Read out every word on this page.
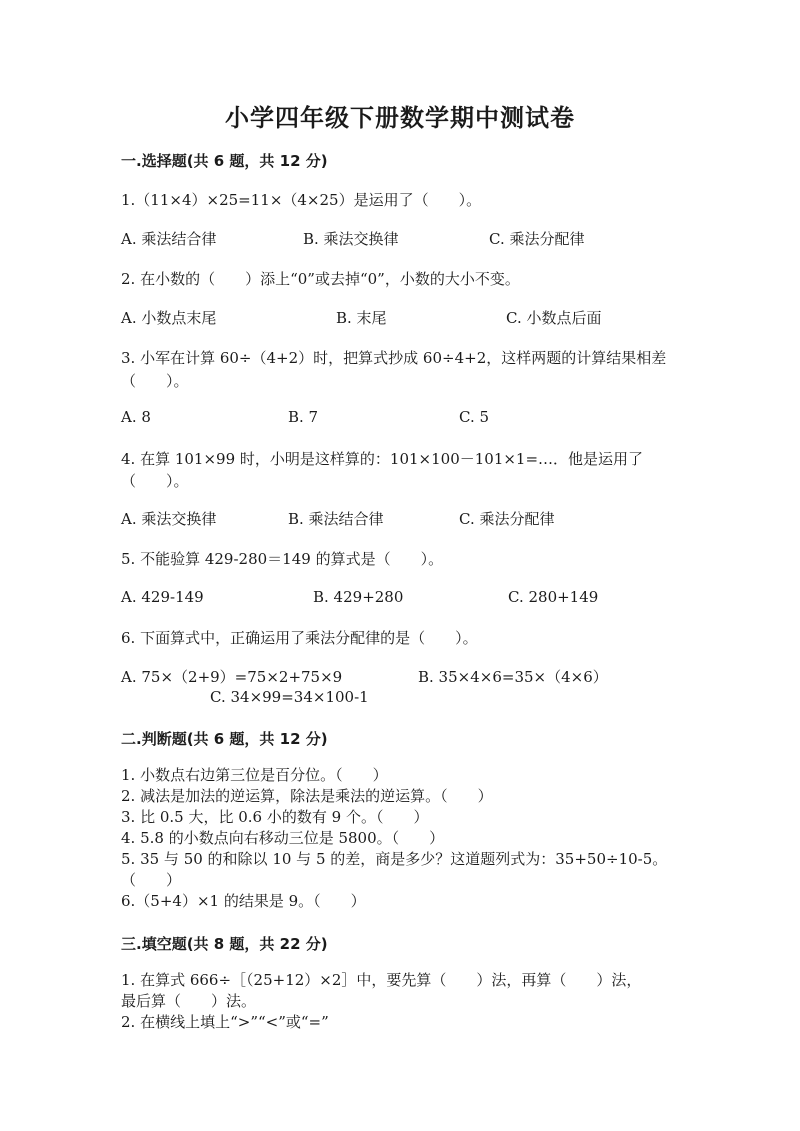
小学四年级下册数学期中测试卷
一.选择题(共 6 题，共 12 分)
1.（11×4）×25=11×（4×25）是运用了（　　）。
A. 乘法结合律	B. 乘法交换律	C. 乘法分配律
2. 在小数的（　　）添上“0”或去掉“0”，小数的大小不变。
A. 小数点末尾	B. 末尾	C. 小数点后面
3. 小军在计算 60÷（4+2）时，把算式抄成 60÷4+2，这样两题的计算结果相差
（　　）。
A. 8	B. 7	C. 5
4. 在算 101×99 时，小明是这样算的：101×100－101×1=…．他是运用了
（　　）。
A. 乘法交换律	B. 乘法结合律	C. 乘法分配律
5. 不能验算 429-280＝149 的算式是（　　）。
A. 429-149	B. 429+280	C. 280+149
6. 下面算式中，正确运用了乘法分配律的是（　　）。
A. 75×（2+9）=75×2+75×9	B. 35×4×6=35×（4×6）
C. 34×99=34×100-1
二.判断题(共 6 题，共 12 分)
1. 小数点右边第三位是百分位。（　　）
2. 减法是加法的逆运算，除法是乘法的逆运算。（　　）
3. 比 0.5 大，比 0.6 小的数有 9 个。（　　）
4. 5.8 的小数点向右移动三位是 5800。（　　）
5. 35 与 50 的和除以 10 与 5 的差，商是多少？这道题列式为：35+50÷10-5。
（　　）
6.（5+4）×1 的结果是 9。（　　）
三.填空题(共 8 题，共 22 分)
1. 在算式 666÷［（25+12）×2］中，要先算（　　）法，再算（　　）法，
最后算（　　）法。
2. 在横线上填上“>”“<”或“=”
